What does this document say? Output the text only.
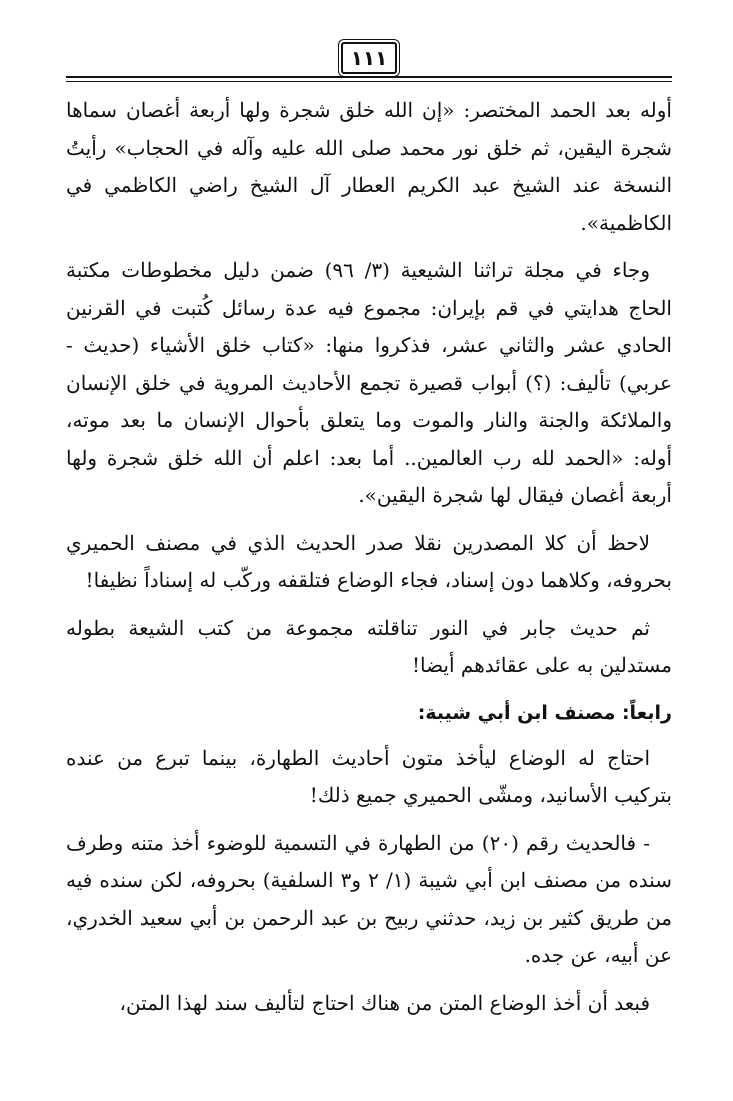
١١١

أوله بعد الحمد المختصر: «إن الله خلق شجرة ولها أربعة أغصان سماها شجرة اليقين، ثم خلق نور محمد صلى الله عليه وآله في الحجاب» رأيتُ النسخة عند الشيخ عبد الكريم العطار آل الشيخ راضي الكاظمي في الكاظمية».

وجاء في مجلة تراثنا الشيعية (٣/ ٩٦) ضمن دليل مخطوطات مكتبة الحاج هدايتي في قم بإيران: مجموع فيه عدة رسائل كُتبت في القرنين الحادي عشر والثاني عشر، فذكروا منها: «كتاب خلق الأشياء (حديث - عربي) تأليف: (؟) أبواب قصيرة تجمع الأحاديث المروية في خلق الإنسان والملائكة والجنة والنار والموت وما يتعلق بأحوال الإنسان ما بعد موته، أوله: «الحمد لله رب العالمين.. أما بعد: اعلم أن الله خلق شجرة ولها أربعة أغصان فيقال لها شجرة اليقين».

لاحظ أن كلا المصدرين نقلا صدر الحديث الذي في مصنف الحميري بحروفه، وكلاهما دون إسناد، فجاء الوضاع فتلقفه وركّب له إسناداً نظيفا!

ثم حديث جابر في النور تناقلته مجموعة من كتب الشيعة بطوله مستدلين به على عقائدهم أيضا!

رابعاً: مصنف ابن أبي شيبة:

احتاج له الوضاع ليأخذ متون أحاديث الطهارة، بينما تبرع من عنده بتركيب الأسانيد، ومشّى الحميري جميع ذلك!

- فالحديث رقم (٢٠) من الطهارة في التسمية للوضوء أخذ متنه وطرف سنده من مصنف ابن أبي شيبة (١/ ٢ و٣ السلفية) بحروفه، لكن سنده فيه من طريق كثير بن زيد، حدثني ربيح بن عبد الرحمن بن أبي سعيد الخدري، عن أبيه، عن جده.

فبعد أن أخذ الوضاع المتن من هناك احتاج لتأليف سند لهذا المتن،
